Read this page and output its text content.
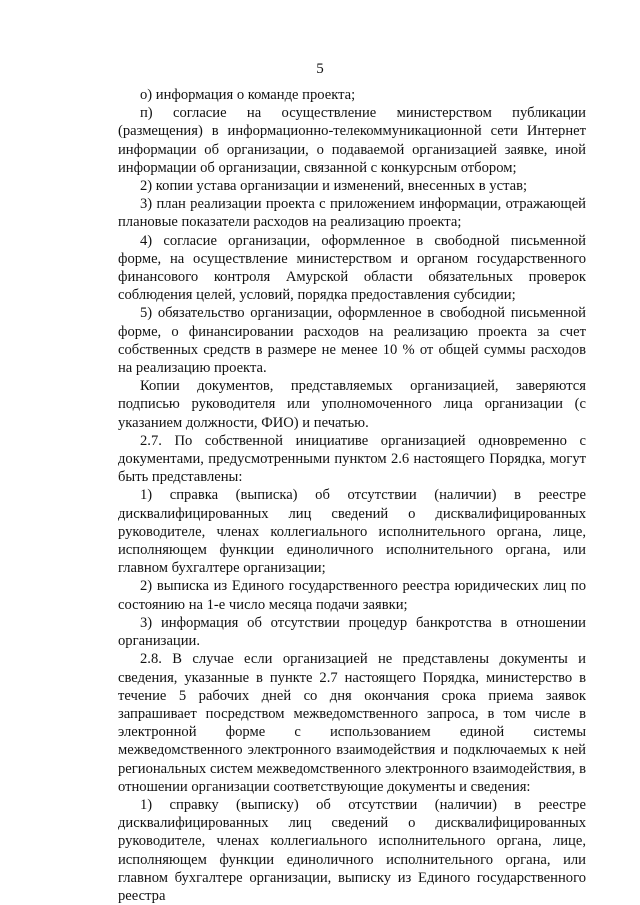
5

о) информация о команде проекта;

п) согласие на осуществление министерством публикации (размещения) в информационно-телекоммуникационной сети Интернет информации об организации, о подаваемой организацией заявке, иной информации об организации, связанной с конкурсным отбором;

2) копии устава организации и изменений, внесенных в устав;

3) план реализации проекта с приложением информации, отражающей плановые показатели расходов на реализацию проекта;

4) согласие организации, оформленное в свободной письменной форме, на осуществление министерством и органом государственного финансового контроля Амурской области обязательных проверок соблюдения целей, условий, порядка предоставления субсидии;

5) обязательство организации, оформленное в свободной письменной форме, о финансировании расходов на реализацию проекта за счет собственных средств в размере не менее 10 % от общей суммы расходов на реализацию проекта.

Копии документов, представляемых организацией, заверяются подписью руководителя или уполномоченного лица организации (с указанием должности, ФИО) и печатью.

2.7. По собственной инициативе организацией одновременно с документами, предусмотренными пунктом 2.6 настоящего Порядка, могут быть представлены:

1) справка (выписка) об отсутствии (наличии) в реестре дисквалифицированных лиц сведений о дисквалифицированных руководителе, членах коллегиального исполнительного органа, лице, исполняющем функции единоличного исполнительного органа, или главном бухгалтере организации;

2) выписка из Единого государственного реестра юридических лиц по состоянию на 1-е число месяца подачи заявки;

3) информация об отсутствии процедур банкротства в отношении организации.

2.8. В случае если организацией не представлены документы и сведения, указанные в пункте 2.7 настоящего Порядка, министерство в течение 5 рабочих дней со дня окончания срока приема заявок запрашивает посредством межведомственного запроса, в том числе в электронной форме с использованием единой системы межведомственного электронного взаимодействия и подключаемых к ней региональных систем межведомственного электронного взаимодействия, в отношении организации соответствующие документы и сведения:

1) справку (выписку) об отсутствии (наличии) в реестре дисквалифицированных лиц сведений о дисквалифицированных руководителе, членах коллегиального исполнительного органа, лице, исполняющем функции единоличного исполнительного органа, или главном бухгалтере организации, выписку из Единого государственного реестра
